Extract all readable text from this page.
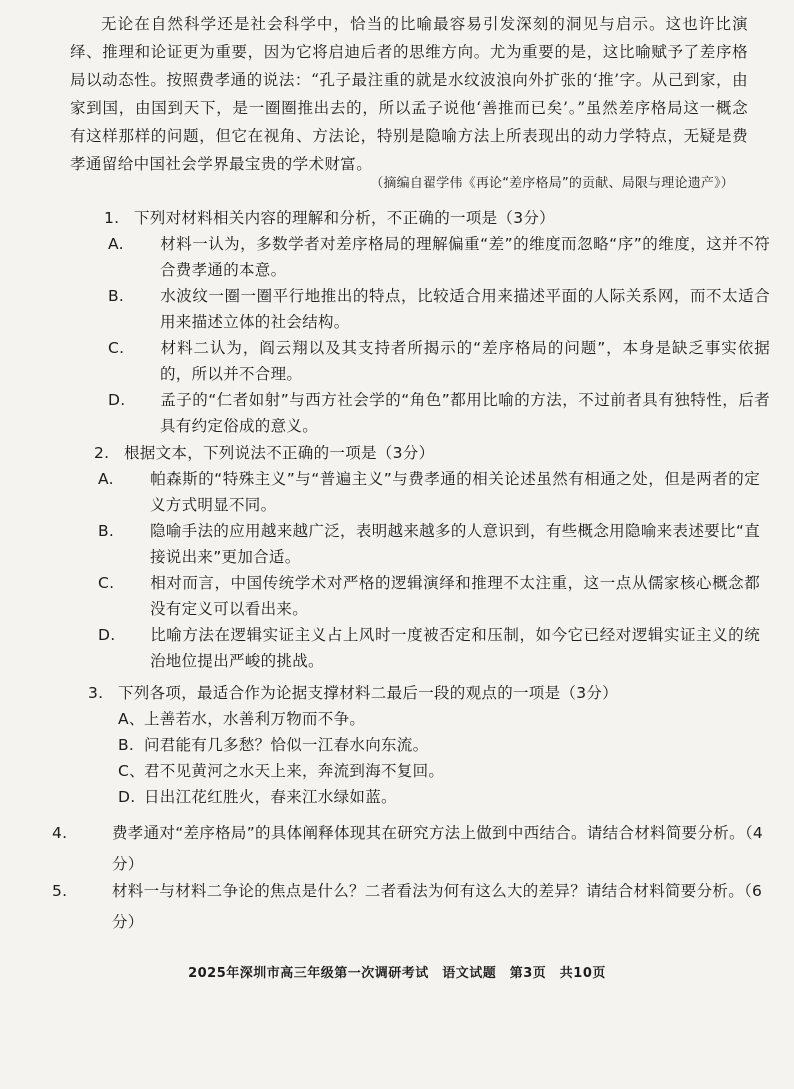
无论在自然科学还是社会科学中，恰当的比喻最容易引发深刻的洞见与启示。这也许比演绎、推理和论证更为重要，因为它将启迪后者的思维方向。尤为重要的是，这比喻赋予了差序格局以动态性。按照费孝通的说法：“孔子最注重的就是水纹波浪向外扩张的‘推’字。从己到家，由家到国，由国到天下，是一圈圈推出去的，所以孟子说他‘善推而已矣’。”虽然差序格局这一概念有这样那样的问题，但它在视角、方法论，特别是隐喻方法上所表现出的动力学特点，无疑是费孝通留给中国社会学界最宝贵的学术财富。
（摘编自翟学伟《再论“差序格局”的贡献、局限与理论遗产》）
1. 下列对材料相关内容的理解和分析，不正确的一项是（3分）
A. 材料一认为，多数学者对差序格局的理解偏重“差”的维度而忽略“序”的维度，这并不符合费孝通的本意。
B. 水波纹一圈一圈平行地推出的特点，比较适合用来描述平面的人际关系网，而不太适合用来描述立体的社会结构。
C. 材料二认为，阎云翔以及其支持者所揭示的“差序格局的问题”，本身是缺乏事实依据的，所以并不合理。
D. 孟子的“仁者如射”与西方社会学的“角色”都用比喻的方法，不过前者具有独特性，后者具有约定俗成的意义。
2. 根据文本，下列说法不正确的一项是（3分）
A. 帕森斯的“特殊主义”与“普遍主义”与费孝通的相关论述虽然有相通之处，但是两者的定义方式明显不同。
B. 隐喻手法的应用越来越广泛，表明越来越多的人意识到，有些概念用隐喻来表述要比“直接说出来”更加合适。
C. 相对而言，中国传统学术对严格的逻辑演绎和推理不太注重，这一点从儒家核心概念都没有定义可以看出来。
D. 比喻方法在逻辑实证主义占上风时一度被否定和压制，如今它已经对逻辑实证主义的统治地位提出严峻的挑战。
3. 下列各项，最适合作为论据支撑材料二最后一段的观点的一项是（3分）
A、上善若水，水善利万物而不争。
B. 问君能有几多愁？恰似一江春水向东流。
C、君不见黄河之水天上来，奔流到海不复回。
D. 日出江花红胜火，春来江水绿如蓝。
4.	费孝通对“差序格局”的具体阐释体现其在研究方法上做到中西结合。请结合材料简要分析。（4分）
5.	材料一与材料二争论的焦点是什么？二者看法为何有这么大的差异？请结合材料简要分析。（6分）
2025年深圳市高三年级第一次调研考试　语文试题　第3页　共10页
